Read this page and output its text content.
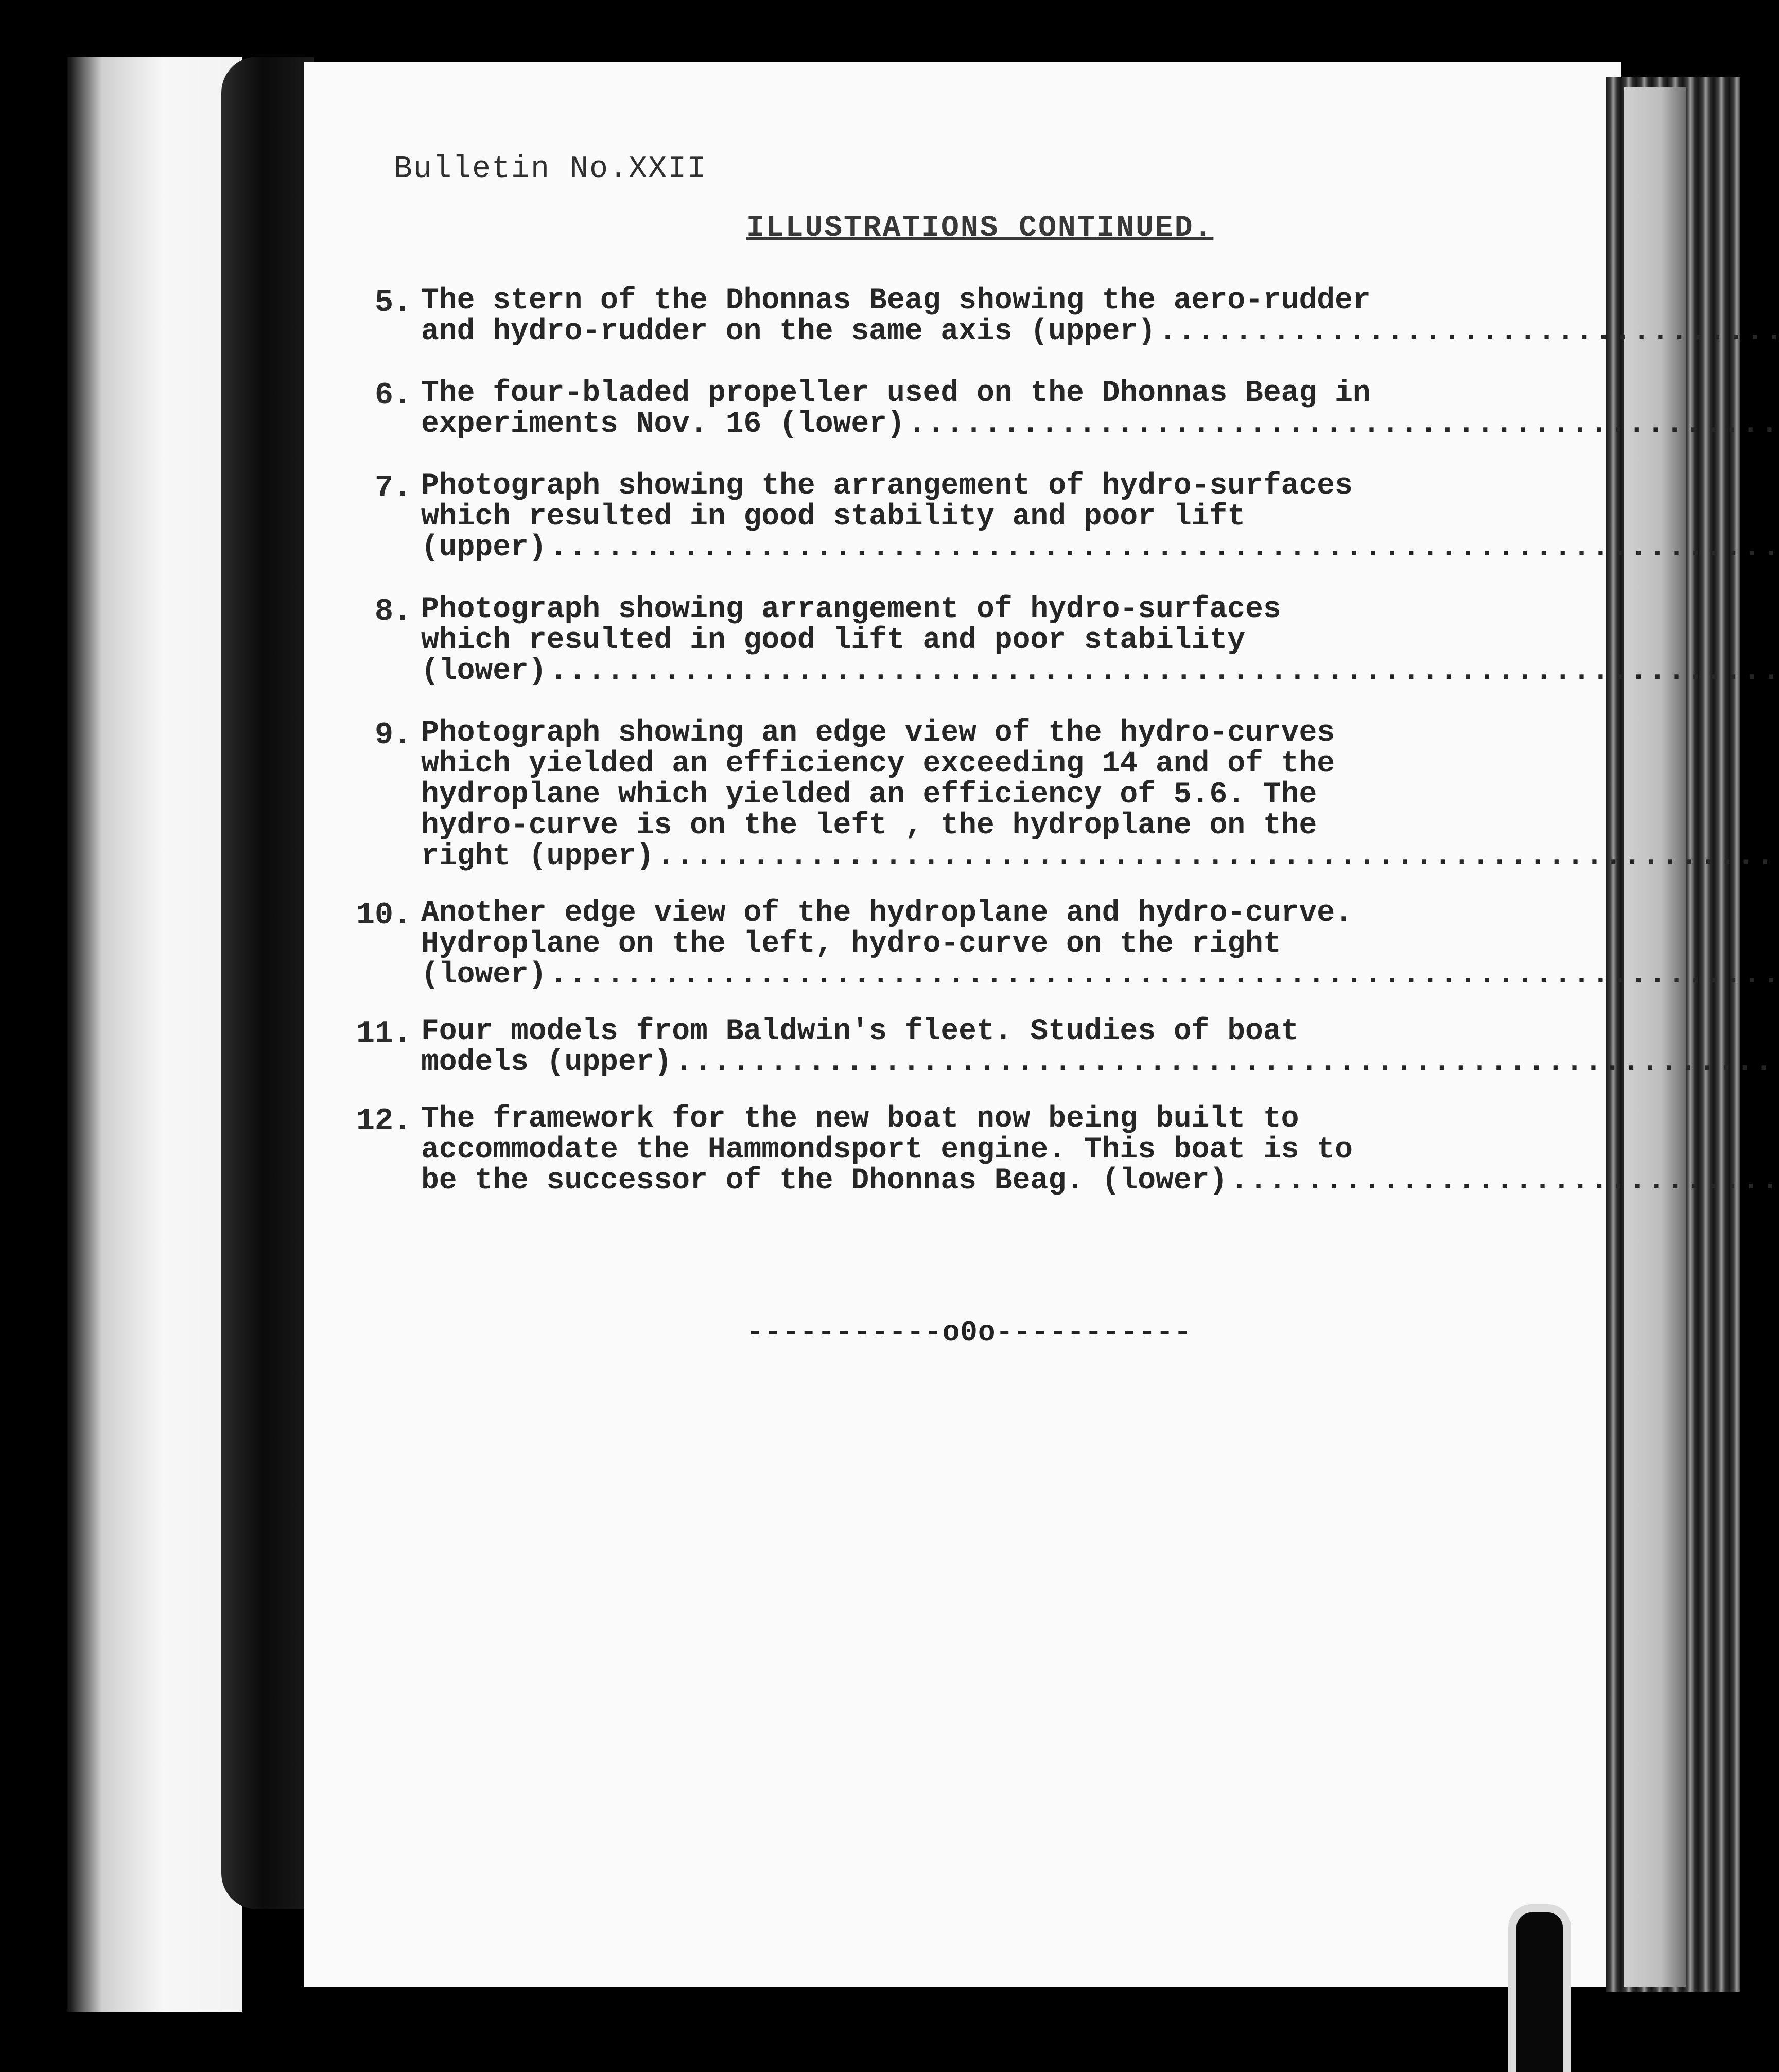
Bulletin No.XXII
ILLUSTRATIONS CONTINUED.
5. The stern of the Dhonnas Beag showing the aero-rudder
and hydro-rudder on the same axis (upper)
.....
6. The four-bladed propeller used on the Dhonnas Beag in
experiments Nov. 16 (lower)
.....
7. Photograph showing the arrangement of hydro-surfaces
which resulted in good stability and poor lift
(upper)
.....
8. Photograph showing arrangement of hydro-surfaces
which resulted in good lift and poor stability
(lower)
.....
9. Photograph showing an edge view of the hydro-curves
which yielded an efficiency exceeding 14 and of the
hydroplane which yielded an efficiency of 5.6. The
hydro-curve is on the left , the hydroplane on the
right (upper)
.....
10. Another edge view of the hydroplane and hydro-curve.
Hydroplane on the left, hydro-curve on the right
(lower)
.....
11. Four models from Baldwin's fleet. Studies of boat
models (upper)
.....
12. The framework for the new boat now being built to
accommodate the Hammondsport engine. This boat is to
be the successor of the Dhonnas Beag. (lower)
.....
-----------o0o-----------
